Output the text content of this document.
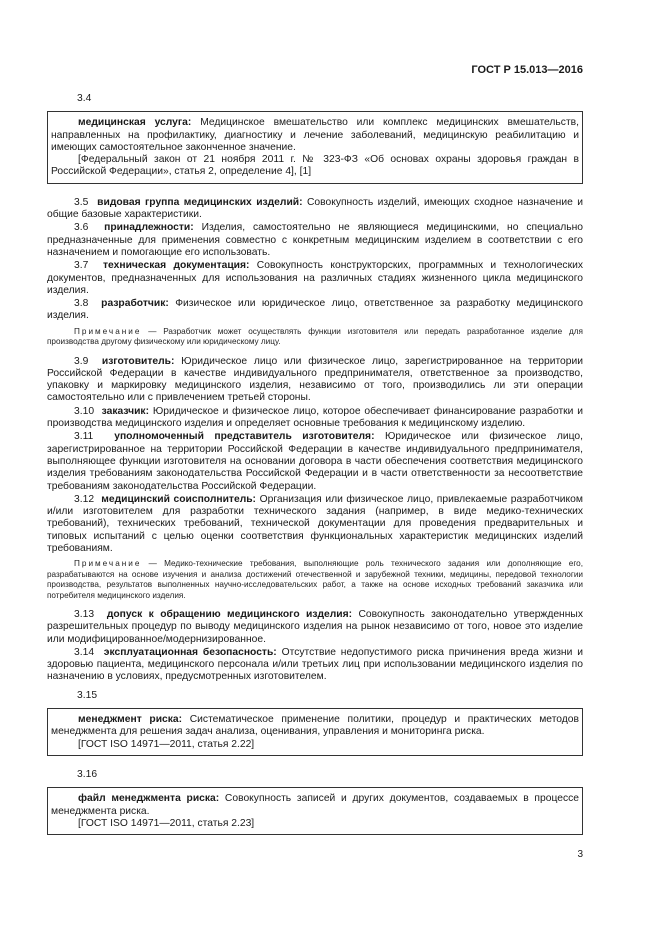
ГОСТ Р 15.013—2016
3.4

медицинская услуга: Медицинское вмешательство или комплекс медицинских вмешательств, направленных на профилактику, диагностику и лечение заболеваний, медицинскую реабилитацию и имеющих самостоятельное законченное значение.

[Федеральный закон от 21 ноября 2011 г. № 323-ФЗ «Об основах охраны здоровья граждан в Российской Федерации», статья 2, определение 4], [1]

3.5 видовая группа медицинских изделий: Совокупность изделий, имеющих сходное назначение и общие базовые характеристики.

3.6 принадлежности: Изделия, самостоятельно не являющиеся медицинскими, но специально предназначенные для применения совместно с конкретным медицинским изделием в соответствии с его назначением и помогающие его использовать.

3.7 техническая документация: Совокупность конструкторских, программных и технологических документов, предназначенных для использования на различных стадиях жизненного цикла медицинского изделия.

3.8 разработчик: Физическое или юридическое лицо, ответственное за разработку медицинского изделия.

Примечание — Разработчик может осуществлять функции изготовителя или передать разработанное изделие для производства другому физическому или юридическому лицу.

3.9 изготовитель: Юридическое лицо или физическое лицо, зарегистрированное на территории Российской Федерации в качестве индивидуального предпринимателя, ответственное за производство, упаковку и маркировку медицинского изделия, независимо от того, производились ли эти операции самостоятельно или с привлечением третьей стороны.

3.10 заказчик: Юридическое и физическое лицо, которое обеспечивает финансирование разработки и производства медицинского изделия и определяет основные требования к медицинскому изделию.

3.11 уполномоченный представитель изготовителя: Юридическое или физическое лицо, зарегистрированное на территории Российской Федерации в качестве индивидуального предпринимателя, выполняющее функции изготовителя на основании договора в части обеспечения соответствия медицинского изделия требованиям законодательства Российской Федерации и в части ответственности за несоответствие требованиям законодательства Российской Федерации.

3.12 медицинский соисполнитель: Организация или физическое лицо, привлекаемые разработчиком и/или изготовителем для разработки технического задания (например, в виде медико-технических требований), технических требований, технической документации для проведения предварительных и типовых испытаний с целью оценки соответствия функциональных характеристик медицинских изделий требованиям.

Примечание — Медико-технические требования, выполняющие роль технического задания или дополняющие его, разрабатываются на основе изучения и анализа достижений отечественной и зарубежной техники, медицины, передовой технологии производства, результатов выполненных научно-исследовательских работ, а также на основе исходных требований заказчика или потребителя медицинского изделия.

3.13 допуск к обращению медицинского изделия: Совокупность законодательно утвержденных разрешительных процедур по выводу медицинского изделия на рынок независимо от того, новое это изделие или модифицированное/модернизированное.

3.14 эксплуатационная безопасность: Отсутствие недопустимого риска причинения вреда жизни и здоровью пациента, медицинского персонала и/или третьих лиц при использовании медицинского изделия по назначению в условиях, предусмотренных изготовителем.

3.15

менеджмент риска: Систематическое применение политики, процедур и практических методов менеджмента для решения задач анализа, оценивания, управления и мониторинга риска.

[ГОСТ ISO 14971—2011, статья 2.22]

3.16

файл менеджмента риска: Совокупность записей и других документов, создаваемых в процессе менеджмента риска.

[ГОСТ ISO 14971—2011, статья 2.23]

3
